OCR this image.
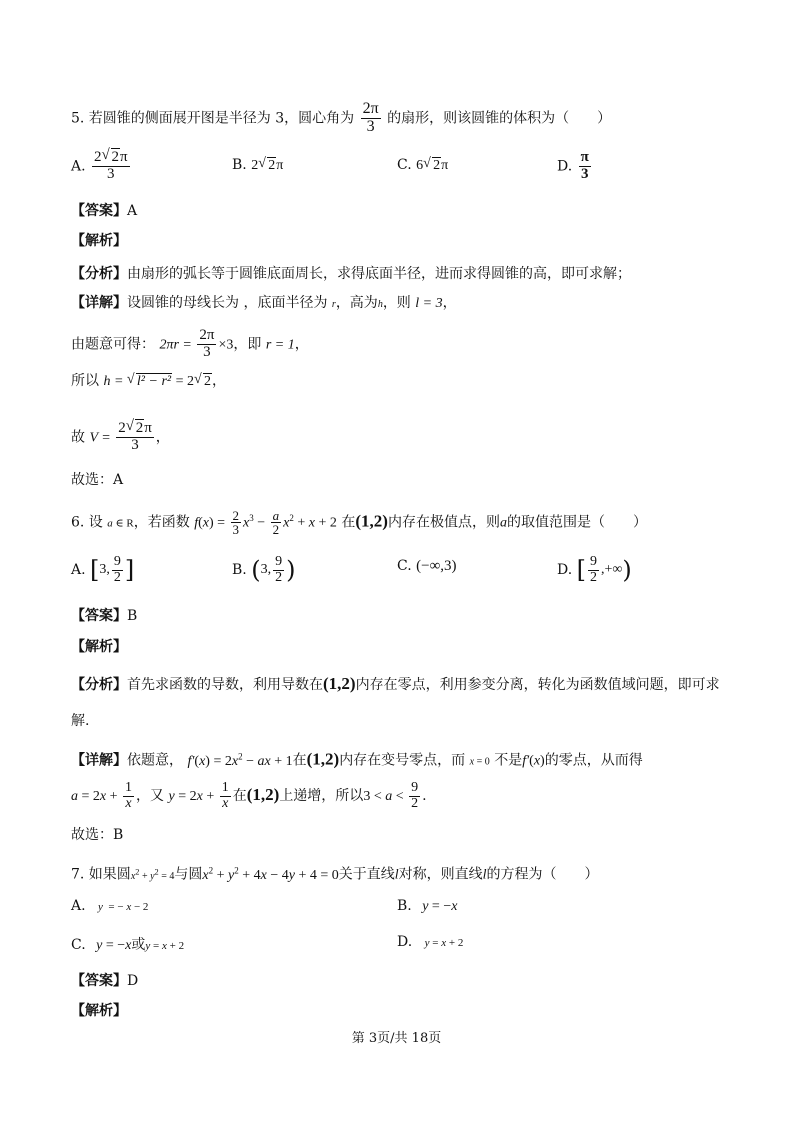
5. 若圆锥的侧面展开图是半径为 3，圆心角为 $\frac{2\pi}{3}$ 的扇形，则该圆锥的体积为（　　）
A. $\frac{2 √ 2\pi}{3}$	B. 2 √ 2π	C. 6 √ 2π	D. $\frac{\pi}{3}$
【答案】A
【解析】
【分析】由扇形的弧长等于圆锥底面周长，求得底面半径，进而求得圆锥的高，即可求解；
【详解】设圆锥的母线长为 ，底面半径为 r，高为h，则 l = 3，
由题意可得： $2\pi r = \frac{2\pi}{3} \times 3$，即 r = 1，
所以 h = √ l² − r² = 2 √ 2，
故 $V = \frac{2 √ 2\pi}{3}$ ，
故选：A
6. 设 a ∈ R，若函数 $f(x) = \frac{2}{3} x^3 - \frac{a}{2} x^2 + x + 2$ 在(1,2)内存在极值点，则a的取值范围是（　　）
A. [3, $\frac{9}{2}$ ]	B. (3, $\frac{9}{2}$ )	C. (−∞,3)	D. [ $\frac{9}{2}$ ,+∞)
【答案】B
【解析】
【分析】首先求函数的导数，利用导数在(1,2)内存在零点，利用参变分离，转化为函数值域问题，即可求
解.
【详解】依题意， $f'(x) = 2x^2$ − ax + 1在(1,2)内存在变号零点，而 x = 0 不是f′(x)的零点，从而得
$a = 2x + \frac{1}{x}$ ，又 $y = 2x + \frac{1}{x}$ 在(1,2)上递增，所以$3 < a < \frac{9}{2}$ .
故选：B
7. 如果圆$x^2 + y^2 = 4$与圆$x^2 + y^2 + 4x - 4y + 4 = 0$关于直线l对称，则直线l的方程为（　　）
A. y  = − x − 2	B. y = −x
C. y = −x或y = x + 2	D. y = x + 2
【答案】D
【解析】
第 3页/共 18页
